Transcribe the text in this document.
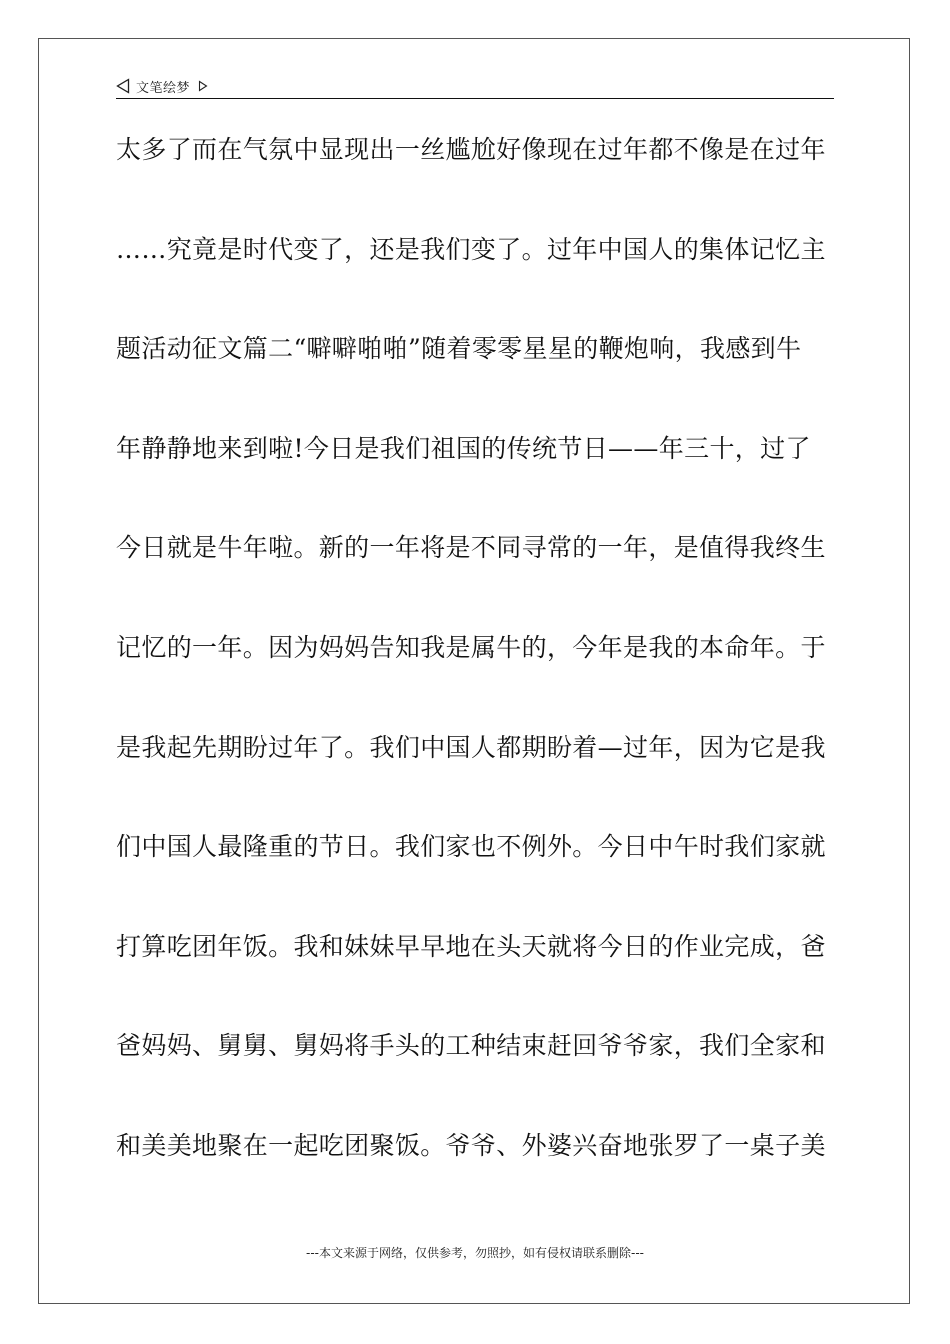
文笔绘梦
太多了而在气氛中显现出一丝尴尬好像现在过年都不像是在过年
……究竟是时代变了，还是我们变了。过年中国人的集体记忆主
题活动征文篇二“噼噼啪啪”随着零零星星的鞭炮响，我感到牛
年静静地来到啦!今日是我们祖国的传统节日——年三十，过了
今日就是牛年啦。新的一年将是不同寻常的一年，是值得我终生
记忆的一年。因为妈妈告知我是属牛的，今年是我的本命年。于
是我起先期盼过年了。我们中国人都期盼着—过年，因为它是我
们中国人最隆重的节日。我们家也不例外。今日中午时我们家就
打算吃团年饭。我和妹妹早早地在头天就将今日的作业完成，爸
爸妈妈、舅舅、舅妈将手头的工种结束赶回爷爷家，我们全家和
和美美地聚在一起吃团聚饭。爷爷、外婆兴奋地张罗了一桌子美
---本文来源于网络，仅供参考，勿照抄，如有侵权请联系删除---
